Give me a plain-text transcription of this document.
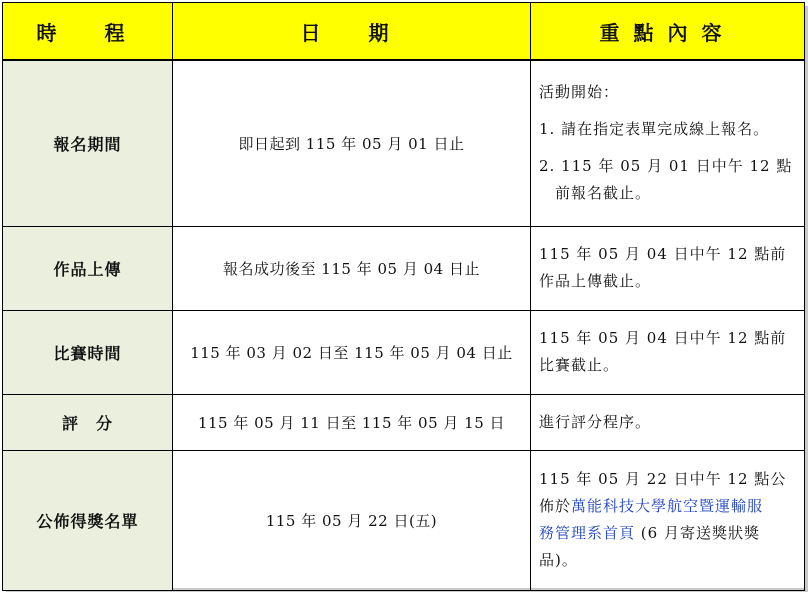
時　程	日　期	重點內容
報名期間	即日起到 115 年 05 月 01 日止	活動開始：

1. 請在指定表單完成線上報名。

2. 115 年 05 月 01 日中午 12 點

前報名截止。

作品上傳	報名成功後至 115 年 05 月 04 日止	115 年 05 月 04 日中午 12 點前

作品上傳截止。

比賽時間	115 年 03 月 02 日至 115 年 05 月 04 日止	115 年 05 月 04 日中午 12 點前

比賽截止。

評　分	115 年 05 月 11 日至 115 年 05 月 15 日	進行評分程序。

公佈得獎名單	115 年 05 月 22 日(五)	115 年 05 月 22 日中午 12 點公

佈於萬能科技大學航空暨運輸服

務管理系首頁 (6 月寄送獎狀獎

品)。
